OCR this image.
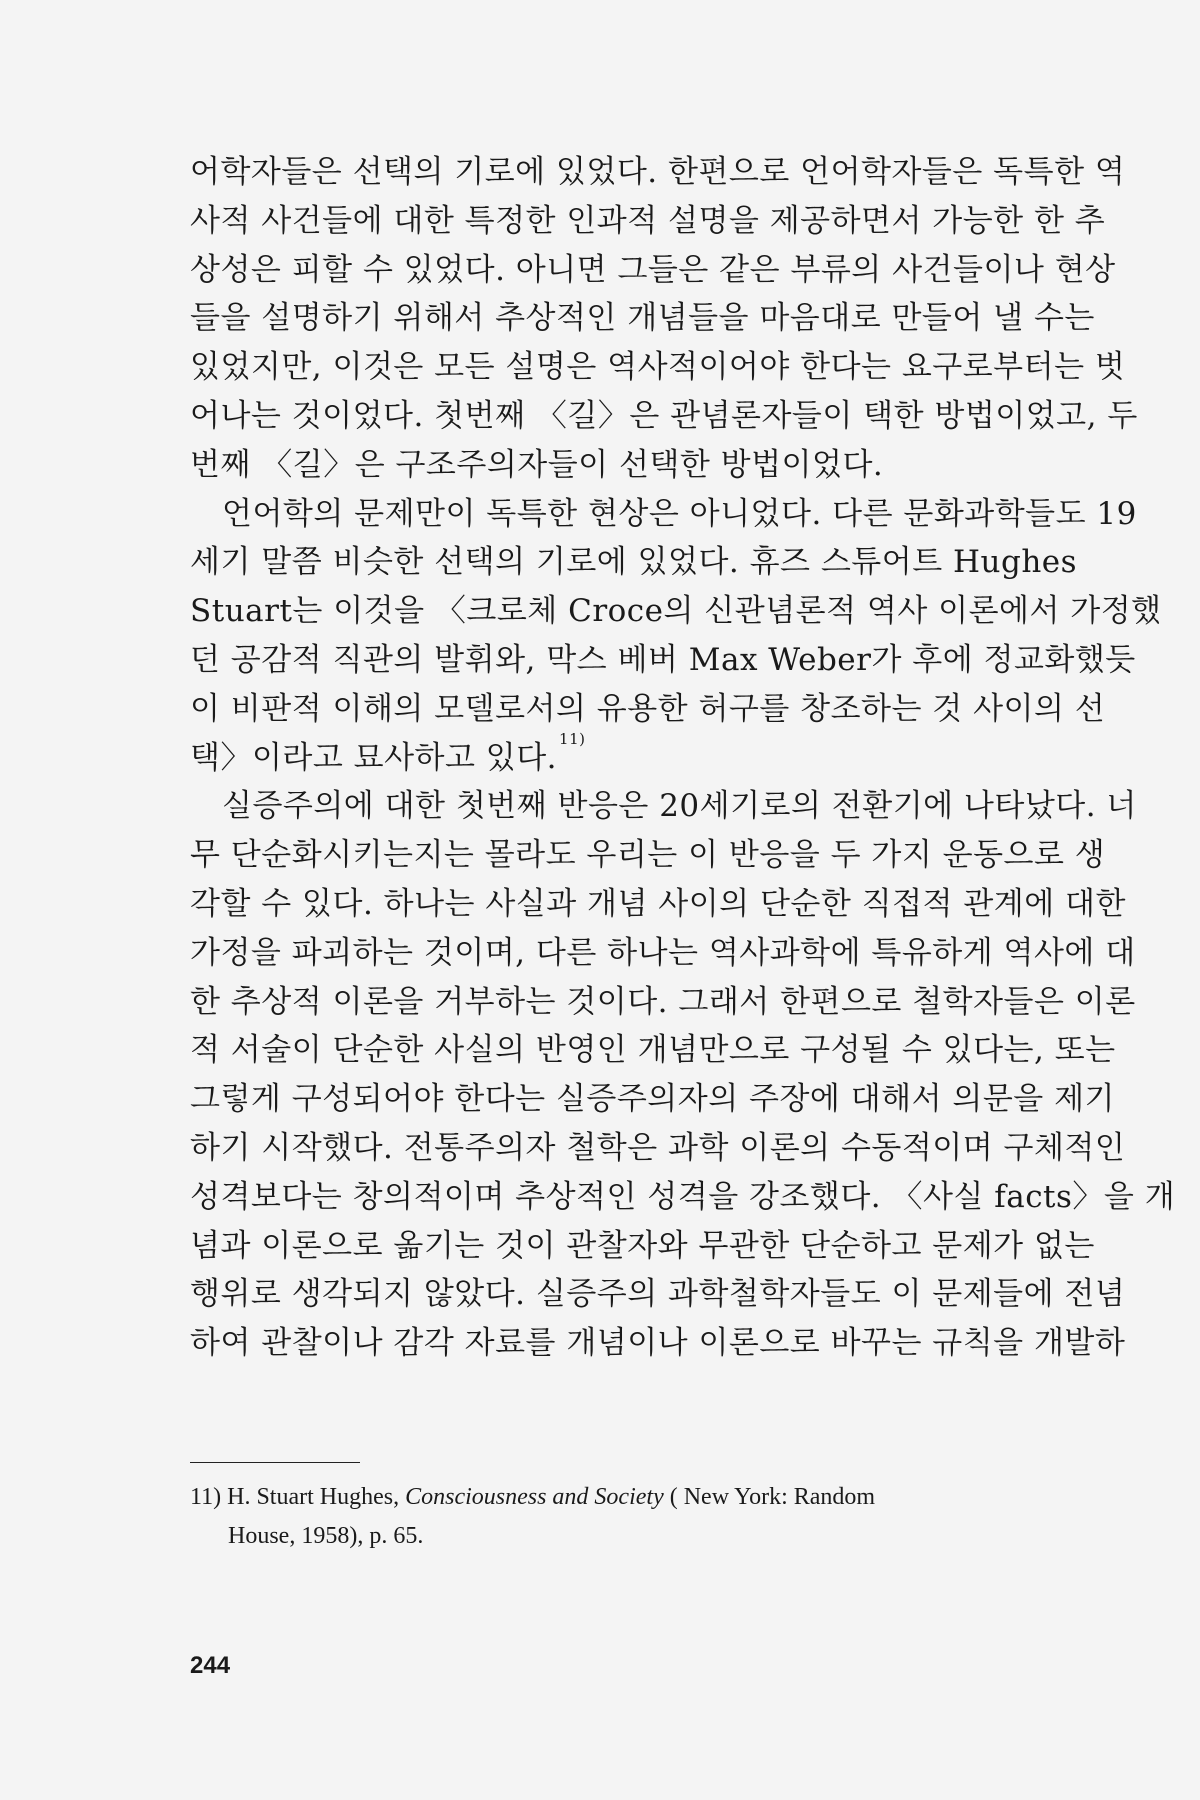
어학자들은 선택의 기로에 있었다. 한편으로 언어학자들은 독특한 역

사적 사건들에 대한 특정한 인과적 설명을 제공하면서 가능한 한 추

상성은 피할 수 있었다. 아니면 그들은 같은 부류의 사건들이나 현상

들을 설명하기 위해서 추상적인 개념들을 마음대로 만들어 낼 수는

있었지만, 이것은 모든 설명은 역사적이어야 한다는 요구로부터는 벗

어나는 것이었다. 첫번째 〈길〉은 관념론자들이 택한 방법이었고, 두

번째 〈길〉은 구조주의자들이 선택한 방법이었다.

언어학의 문제만이 독특한 현상은 아니었다. 다른 문화과학들도 19

세기 말쯤 비슷한 선택의 기로에 있었다. 휴즈 스튜어트 Hughes

Stuart는 이것을 〈크로체 Croce의 신관념론적 역사 이론에서 가정했

던 공감적 직관의 발휘와, 막스 베버 Max Weber가 후에 정교화했듯

이 비판적 이해의 모델로서의 유용한 허구를 창조하는 것 사이의 선

택〉이라고 묘사하고 있다.$^{11)}$

실증주의에 대한 첫번째 반응은 20세기로의 전환기에 나타났다. 너

무 단순화시키는지는 몰라도 우리는 이 반응을 두 가지 운동으로 생

각할 수 있다. 하나는 사실과 개념 사이의 단순한 직접적 관계에 대한

가정을 파괴하는 것이며, 다른 하나는 역사과학에 특유하게 역사에 대

한 추상적 이론을 거부하는 것이다. 그래서 한편으로 철학자들은 이론

적 서술이 단순한 사실의 반영인 개념만으로 구성될 수 있다는, 또는

그렇게 구성되어야 한다는 실증주의자의 주장에 대해서 의문을 제기

하기 시작했다. 전통주의자 철학은 과학 이론의 수동적이며 구체적인

성격보다는 창의적이며 추상적인 성격을 강조했다. 〈사실 facts〉을 개

념과 이론으로 옮기는 것이 관찰자와 무관한 단순하고 문제가 없는

행위로 생각되지 않았다. 실증주의 과학철학자들도 이 문제들에 전념

하여 관찰이나 감각 자료를 개념이나 이론으로 바꾸는 규칙을 개발하

11) H. Stuart Hughes, Consciousness and Society ( New York: Random

House, 1958), p. 65.

244
